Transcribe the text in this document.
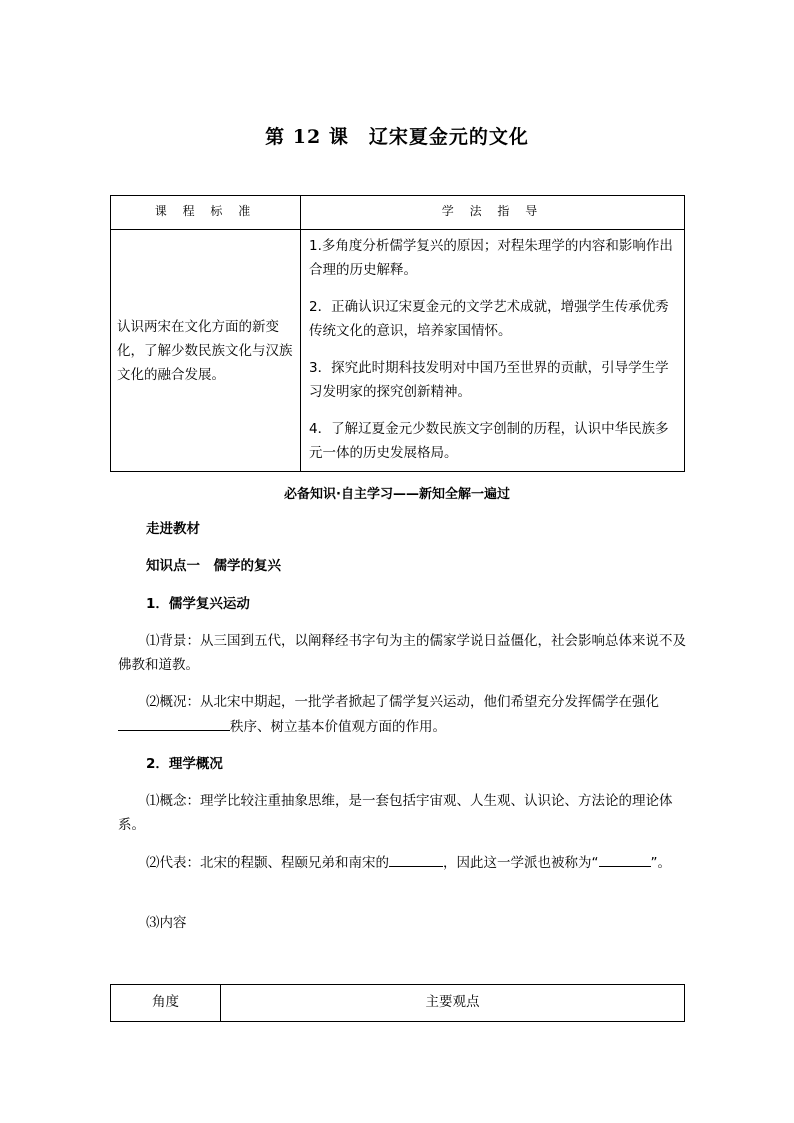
第 12 课　辽宋夏金元的文化
课 程 标 准	学 法 指 导
认识两宋在文化方面的新变化，了解少数民族文化与汉族文化的融合发展。	1.多角度分析儒学复兴的原因；对程朱理学的内容和影响作出合理的历史解释。

2．正确认识辽宋夏金元的文学艺术成就，增强学生传承优秀传统文化的意识，培养家国情怀。

3．探究此时期科技发明对中国乃至世界的贡献，引导学生学习发明家的探究创新精神。

4．了解辽夏金元少数民族文字创制的历程，认识中华民族多元一体的历史发展格局。

必备知识·自主学习——新知全解一遍过
走进教材
知识点一　儒学的复兴
1．儒学复兴运动
⑴背景：从三国到五代，以阐释经书字句为主的儒家学说日益僵化，社会影响总体来说不及佛教和道教。
⑵概况：从北宋中期起，一批学者掀起了儒学复兴运动，他们希望充分发挥儒学在强化秩序、树立基本价值观方面的作用。
2．理学概况
⑴概念：理学比较注重抽象思维，是一套包括宇宙观、人生观、认识论、方法论的理论体系。
⑵代表：北宋的程颢、程颐兄弟和南宋的	，因此这一学派也被称为“	”。
⑶内容
角度	主要观点
